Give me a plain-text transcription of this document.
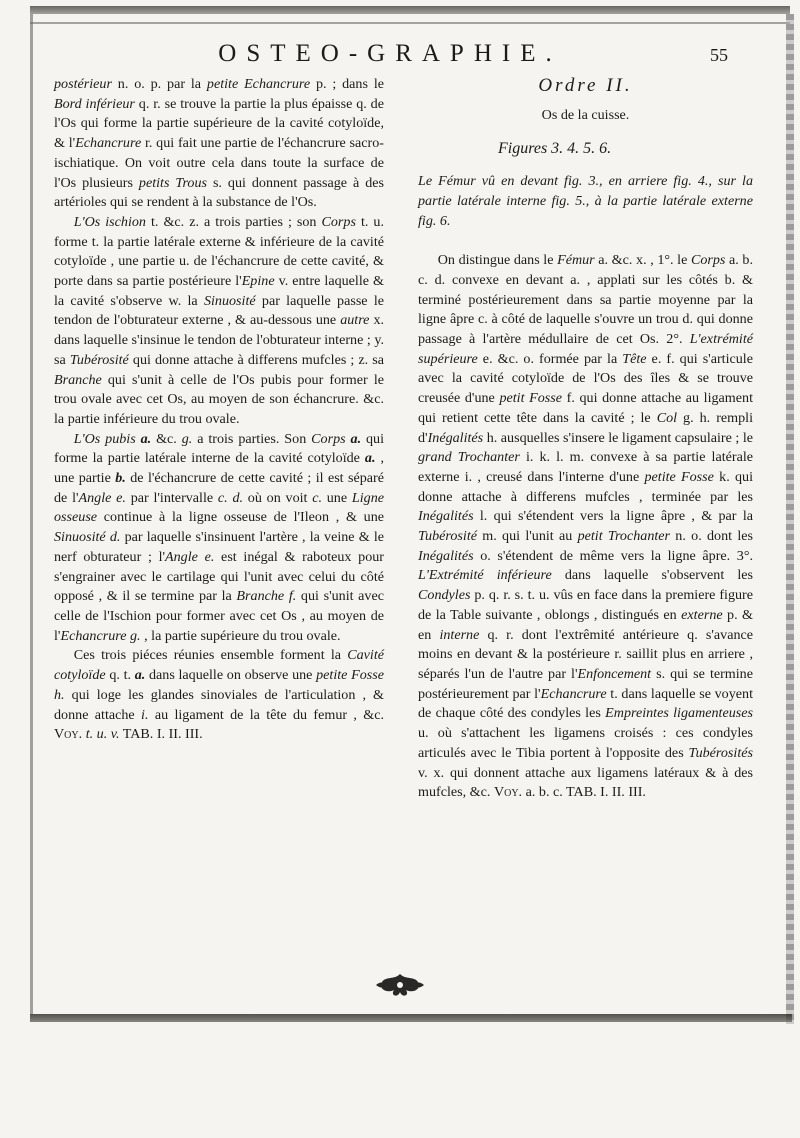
OSTEO-GRAPHIE.	55

postérieur n. o. p. par la petite Echancrure p. ; dans le Bord inférieur q. r. se trouve la partie la plus épaisse q. de l'Os qui forme la partie supérieure de la cavité cotyloïde, & l'Echancrure r. qui fait une partie de l'échancrure sacro-ischiatique. On voit outre cela dans toute la surface de l'Os plusieurs petits Trous s. qui donnent passage à des artérioles qui se rendent à la substance de l'Os.

L'Os ischion t. &c. z. a trois parties ; son Corps t. u. forme t. la partie latérale externe & inférieure de la cavité cotyloïde , une partie u. de l'échancrure de cette cavité, & porte dans sa partie postérieure l'Epine v. entre laquelle & la cavité s'observe w. la Sinuosité par laquelle passe le tendon de l'obturateur externe , & au-dessous une autre x. dans laquelle s'insinue le tendon de l'obturateur interne ; y. sa Tubérosité qui donne attache à differens mufcles ; z. sa Branche qui s'unit à celle de l'Os pubis pour former le trou ovale avec cet Os, au moyen de son échancrure. &c. la partie inférieure du trou ovale.

L'Os pubis a. &c. g. a trois parties. Son Corps a. qui forme la partie latérale interne de la cavité cotyloïde a. , une partie b. de l'échancrure de cette cavité ; il est séparé de l'Angle e. par l'intervalle c. d. où on voit c. une Ligne osseuse continue à la ligne osseuse de l'Ileon , & une Sinuosité d. par laquelle s'insinuent l'artère , la veine & le nerf obturateur ; l'Angle e. est inégal & raboteux pour s'engrainer avec le cartilage qui l'unit avec celui du côté opposé , & il se termine par la Branche f. qui s'unit avec celle de l'Ischion pour former avec cet Os , au moyen de l'Echancrure g. , la partie supérieure du trou ovale.

Ces trois piéces réunies ensemble forment la Cavité cotyloïde q. t. a. dans laquelle on observe une petite Fosse h. qui loge les glandes sinoviales de l'articulation , & donne attache i. au ligament de la tête du femur , &c. Voy. t. u. v. TAB. I. II. III.

Ordre II.

Os de la cuisse.

Figures 3. 4. 5. 6.

Le Fémur vû en devant fig. 3., en arriere fig. 4., sur la partie latérale interne fig. 5., à la partie latérale externe fig. 6.

On distingue dans le Fémur a. &c. x. , 1°. le Corps a. b. c. d. convexe en devant a. , applati sur les côtés b. & terminé postérieurement dans sa partie moyenne par la ligne âpre c. à côté de laquelle s'ouvre un trou d. qui donne passage à l'artère médullaire de cet Os. 2°. L'extrémité supérieure e. &c. o. formée par la Tête e. f. qui s'articule avec la cavité cotyloïde de l'Os des îles & se trouve creusée d'une petit Fosse f. qui donne attache au ligament qui retient cette tête dans la cavité ; le Col g. h. rempli d'Inégalités h. ausquelles s'insere le ligament capsulaire ; le grand Trochanter i. k. l. m. convexe à sa partie latérale externe i. , creusé dans l'interne d'une petite Fosse k. qui donne attache à differens mufcles , terminée par les Inégalités l. qui s'étendent vers la ligne âpre , & par la Tubérosité m. qui l'unit au petit Trochanter n. o. dont les Inégalités o. s'étendent de même vers la ligne âpre. 3°. L'Extrémité inférieure dans laquelle s'observent les Condyles p. q. r. s. t. u. vûs en face dans la premiere figure de la Table suivante , oblongs , distingués en externe p. & en interne q. r. dont l'extrêmité antérieure q. s'avance moins en devant & la postérieure r. saillit plus en arriere , séparés l'un de l'autre par l'Enfoncement s. qui se termine postérieurement par l'Echancrure t. dans laquelle se voyent de chaque côté des condyles les Empreintes ligamenteuses u. où s'attachent les ligamens croisés : ces condyles articulés avec le Tibia portent à l'opposite des Tubérosités v. x. qui donnent attache aux ligamens latéraux & à des mufcles, &c. Voy. a. b. c. TAB. I. II. III.
